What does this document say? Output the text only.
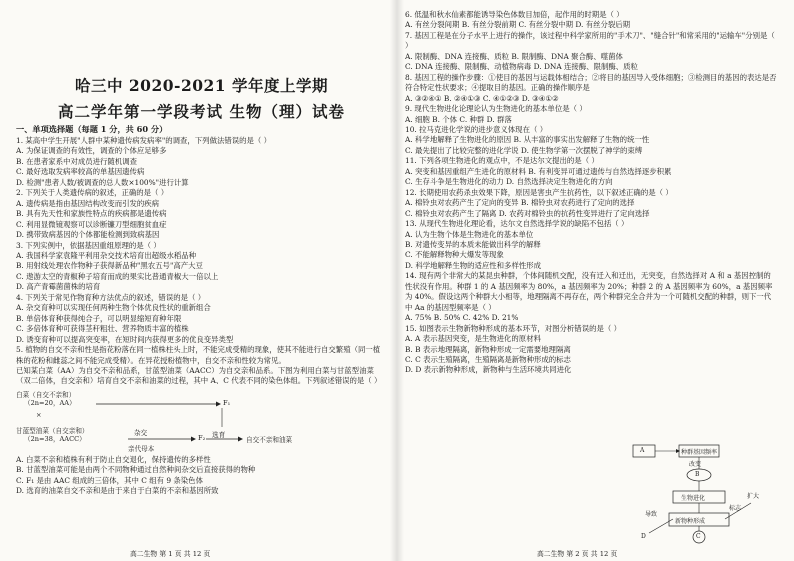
哈三中 2020-2021 学年度上学期
高二学年第一学段考试 生物（理）试卷
一、单项选择题（每题 1 分，共 60 分）
1. 某高中学生开展"人群中某种遗传病发病率"的调查，下列做法错误的是（ ）
A. 为保证调查的有效性，调查的个体应足够多
B. 在患者家系中对成员进行随机调查
C. 最好选取发病率较高的单基因遗传病
D. 检测"患者人数/被调查的总人数×100%"进行计算
2. 下列关于人类遗传病的叙述，正确的是（ ）
A. 遗传病是指由基因结构改变而引发的疾病
B. 具有先天性和家族性特点的疾病都是遗传病
C. 利用显微镜观察可以诊断镰刀型细胞贫血症
D. 携带致病基因的个体都能检测到致病基因
3. 下列实例中，依据基因重组原理的是（ ）
A. 我国科学家袁隆平利用杂交技术培育出超级水稻品种
B. 用射线处理农作物种子获得新品种"黑农五号"高产大豆
C. 遨游太空的青椒种子培育而成的果实比普通青椒大一倍以上
D. 高产青霉菌菌株的培育
4. 下列关于常见作物育种方法优点的叙述，错误的是（ ）
A. 杂交育种可以实现任何两种生物个体优良性状的重新组合
B. 单倍体育种获得纯合子，可以明显缩短育种年限
C. 多倍体育种可获得茎秆粗壮、营养物质丰富的植株
D. 诱变育种可以提高突变率，在短时间内获得更多的优良变异类型
5. 植物的自交不亲和性是指花粉落在同一植株柱头上时，不能完成受精的现象，使其不能进行自交繁殖（同一植株的花粉和雌蕊之间不能完成受精）。在异花授粉植物中，自交不亲和性较为常见。
已知某白菜（AA）为自交不亲和品系，甘蓝型油菜（AACC）为自交亲和品系。下图为利用白菜与甘蓝型油菜（双二倍体，自交亲和）培育自交不亲和油菜的过程，其中 A、C 代表不同的染色体组。下列叙述错误的是（ ）
白菜（自交不亲和）
（2n=20，AA）
×
F₁
甘蓝型油菜（自交亲和）
（2n=38，AACC）
杂交
亲代母本
F₂ 选育
自交不亲和油菜
A. 白菜不亲和植株有利于防止自交退化，保持遗传的多样性
B. 甘蓝型油菜可能是由两个不同物种通过自然种间杂交后直接获得的物种
C. F₁ 是由 AAC 组成的三倍体，其中 C 组有 9 条染色体
D. 选育的油菜自交不亲和是由于来自于白菜的不亲和基因所致
高二生物 第 1 页 共 12 页
6. 低温和秋水仙素都能诱导染色体数目加倍，起作用的时期是（ ）
A. 有丝分裂间期 B. 有丝分裂前期 C. 有丝分裂中期 D. 有丝分裂后期
7. 基因工程是在分子水平上进行的操作，该过程中科学家所用的"手术刀"、"缝合针"和常采用的"运输车"分别是（ ）
A. 限制酶、DNA 连接酶、质粒 B. 限制酶、DNA 聚合酶、噬菌体
C. DNA 连接酶、限制酶、动植物病毒 D. DNA 连接酶、限制酶、质粒
8. 基因工程的操作步骤：①使目的基因与运载体相结合；②将目的基因导入受体细胞；③检测目的基因的表达是否符合特定性状要求；④提取目的基因。正确的操作顺序是
A. ③②④① B. ②④①③ C. ④①②③ D. ③④①②
9. 现代生物进化论理论认为生物进化的基本单位是（ ）
A. 细胞 B. 个体 C. 种群 D. 群落
10. 拉马克进化学说的进步意义体现在（ ）
A. 科学地解释了生物进化的原因 B. 从丰富的事实出发解释了生物的统一性
C. 最先提出了比较完整的进化学说 D. 使生物学第一次摆脱了神学的束缚
11. 下列各项生物进化的观点中，不是达尔文提出的是（ ）
A. 突变和基因重组产生进化的原材料 B. 有利变异可通过遗传与自然选择逐步积累
C. 生存斗争是生物进化的动力 D. 自然选择决定生物进化的方向
12. 长期使用农药杀虫效果下降，原因是害虫产生抗药性，以下叙述正确的是（ ）
A. 棉铃虫对农药产生了定向的变异 B. 棉铃虫对农药进行了定向的选择
C. 棉铃虫对农药产生了隔离 D. 农药对棉铃虫的抗药性变异进行了定向选择
13. 从现代生物进化理论看，达尔文自然选择学说的缺陷不包括（ ）
A. 认为生物个体是生物进化的基本单位
B. 对遗传变异的本质未能做出科学的解释
C. 不能解释物种大爆发等现象
D. 科学地解释生物的适应性和多样性形成
14. 现有两个非常大的某昆虫种群，个体间随机交配，没有迁入和迁出，无突变，自然选择对 A 和 a 基因控制的性状没有作用。种群 1 的 A 基因频率为 80%，a 基因频率为 20%；种群 2 的 A 基因频率为 60%，a 基因频率为 40%。假设这两个种群大小相等，地理隔离不再存在，两个种群完全合并为一个可随机交配的种群，则下一代中 Aa 的基因型频率是（ ）
A. 75% B. 50% C. 42% D. 21%
15. 如图表示生物新物种形成的基本环节，对图分析错误的是（ ）
A. A 表示基因突变，是生物进化的原材料
B. B 表示地理隔离，新物种形成一定需要地理隔离
C. C 表示生殖隔离，生殖隔离是新物种形成的标志
D. D 表示新物种形成，新物种与生活环境共同进化
A	种群基因频率
改变
B
生物进化
新物种形成
C
导致
D
标志
扩大
高二生物 第 2 页 共 12 页
